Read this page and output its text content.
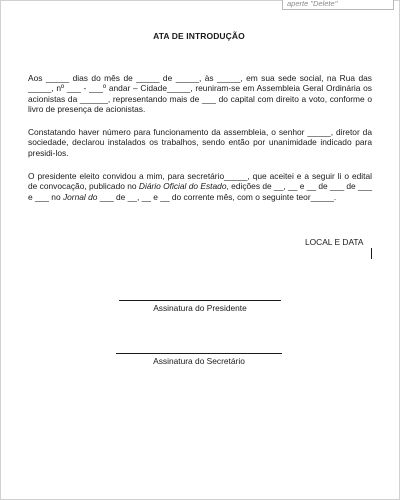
aperte "Delete"
ATA DE INTRODUÇÃO
Aos _____ dias do mês de _____ de _____, às _____, em sua sede social, na Rua das _____, nº ___ - ___º andar – Cidade_____, reuniram-se em Assembleia Geral Ordinária os acionistas da ______, representando mais de ___ do capital com direito a voto, conforme o livro de presença de acionistas.
Constatando haver número para funcionamento da assembleia, o senhor _____, diretor da sociedade, declarou instalados os trabalhos, sendo então por unanimidade indicado para presidi-los.
O presidente eleito convidou a mim, para secretário_____, que aceitei e a seguir li o edital de convocação, publicado no Diário Oficial do Estado, edições de __, __ e __ de ___ de ___ e ___ no Jornal do ___ de __, __ e __ do corrente mês, com o seguinte teor_____.
LOCAL E DATA
Assinatura do Presidente
Assinatura do Secretário
